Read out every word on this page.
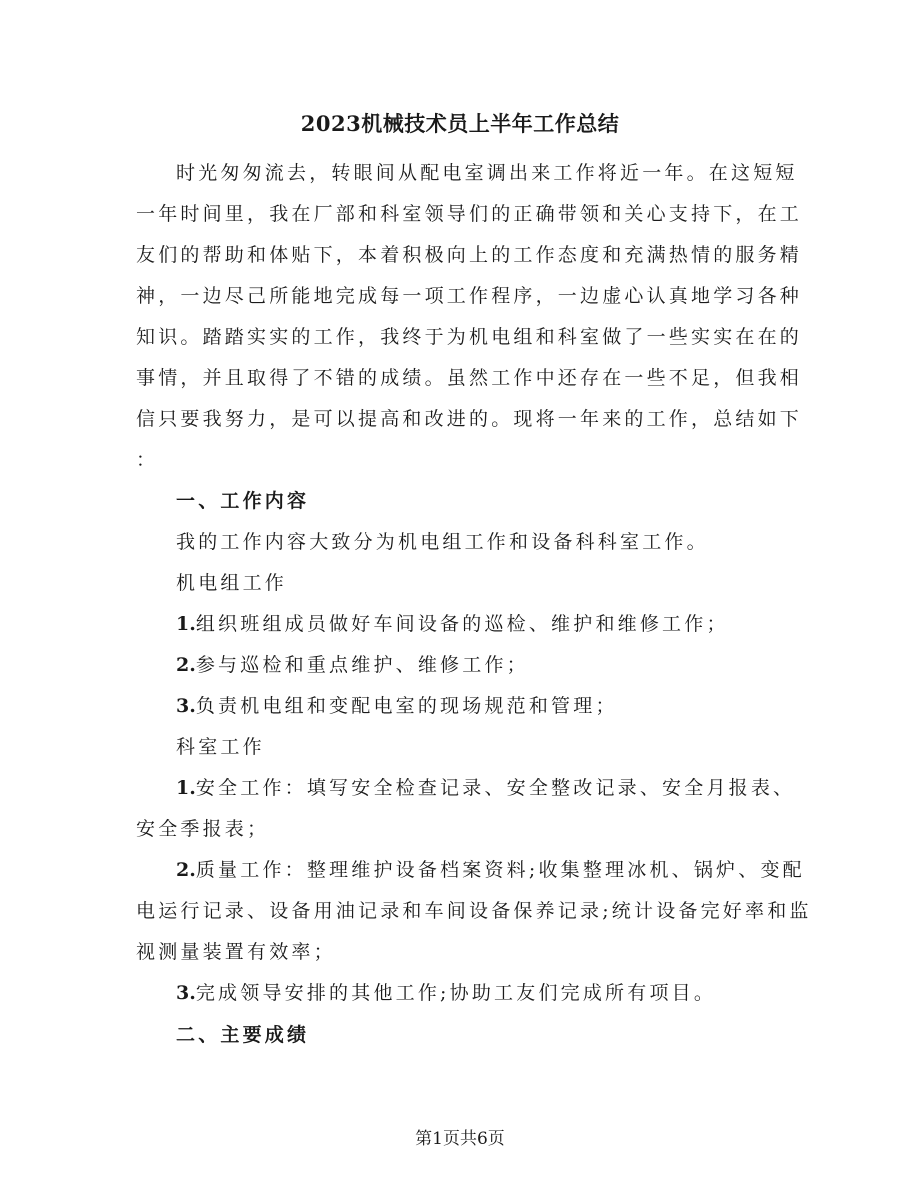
2023机械技术员上半年工作总结
时光匆匆流去，转眼间从配电室调出来工作将近一年。在这短短
一年时间里，我在厂部和科室领导们的正确带领和关心支持下，在工
友们的帮助和体贴下，本着积极向上的工作态度和充满热情的服务精
神，一边尽己所能地完成每一项工作程序，一边虚心认真地学习各种
知识。踏踏实实的工作，我终于为机电组和科室做了一些实实在在的
事情，并且取得了不错的成绩。虽然工作中还存在一些不足，但我相
信只要我努力，是可以提高和改进的。现将一年来的工作，总结如下
：
一、工作内容
我的工作内容大致分为机电组工作和设备科科室工作。
机电组工作
1.组织班组成员做好车间设备的巡检、维护和维修工作；
2.参与巡检和重点维护、维修工作；
3.负责机电组和变配电室的现场规范和管理；
科室工作
1.安全工作：填写安全检查记录、安全整改记录、安全月报表、
安全季报表；
2.质量工作：整理维护设备档案资料;收集整理冰机、锅炉、变配
电运行记录、设备用油记录和车间设备保养记录;统计设备完好率和监
视测量装置有效率；
3.完成领导安排的其他工作;协助工友们完成所有项目。
二、主要成绩
第1页共6页
